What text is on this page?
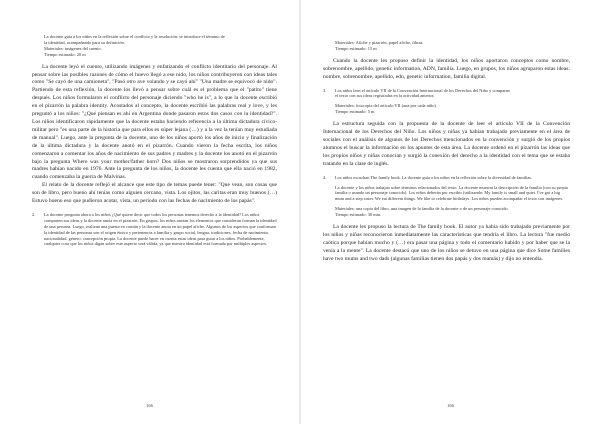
La docente guía a los niños en la reflexión sobre el conflicto y la resolución: se introduce el término de
la identidad, acompañando para su definición.
Materiales: imágenes del cuento.
Tiempo estimado: 20 m

La docente leyó el cuento, utilizando imágenes y enfatizando el conflicto identitario del personaje. Al pensar sobre las posibles razones de cómo el huevo llegó a ese nido, los niños contribuyeron con ideas tales como "Se cayó de una camioneta", "Pasó otro ave volando y se cayó ahí" "Una madre se equivocó de nido". Partiendo de esta reflexión, la docente los llevó a pensar sobre cuál es el problema que el "patito" tiene después. Los niños formularon el conflicto del personaje diciendo "who he is", a lo que la docente escribió en el pizarrón la palabra identity. Acostados al concepto, la docente escribió las palabras real y love, y les preguntó a los niños: "¿Qué piensan es ahí en Argentina donde pasaron estos dos casos con la identidad?". Los niños identificaron rápidamente que la docente estaba haciendo referencia a la última dictadura cívico-militar pero "es una parte de la historia que para ellos es súper lejana (…) y a la vez la tenían muy estudiada de manual". Luego, ante la pregunta de la docente, uno de los niños aportó los años de inicio y finalización de la última dictadura y la docente anotó en el pizarrón. Cuando vieron la fecha escrita, los niños comenzaron a comentar los años de nacimiento de sus padres y madres y la docente los anotó en el pizarrón bajo la pregunta Where was your mother/father born? Dos niños se mostraron sorprendidos ya que sus madres habían nacido en 1976. Ante la pregunta de los niños, la docente les cuenta que ella nació en 1982, cuando comenzaba la guerra de Malvinas.

El relato de la docente reflejó el alcance que este tipo de temas puede tener: "Que vean, son cosas que son de libro, pero bueno ahí tenías como alguien cercano, vista. Los ojitos, las caritas eran muy buenos (…) Estuvo bueno eso que pudieron acotar, vista, un período con las fechas de nacimiento de los papás".

2. La docente pregunta ahora a los niños ¿Qué quiere decir que todos los personas tenemos derecho a la identidad? Los niños comparten sus ideas y la docente anota en el pizarrón. En grupos, los niños anotan los elementos que consideran forman la identidad de una persona. Luego, realizan una puesta en común y la docente anota en un papel afiche. Algunos de los aspectos que conforman la identidad de las personas son el origen étnico y pertenencia a familia y grupo social, lengua, tradiciones, fecha de nacimiento, nacionalidad, género, concepción propia. La docente puede hacer en cuenta estas ideas para guiar a los niños. Probablemente, cualquier cosa que los niños digan sobre este aspecto será válida, ya que nuestra identidad está formada por múltiples aspectos.
166
Materiales: Afiche y pizarrón, papel afiche, fibras.
Tiempo estimado: 15 m

Cuando la docente les propuso definir la identidad, los niños aportaron conceptos como nombre, sobrenombre, apellido, genetic information, ADN, familia. Luego, en grupos, los niños agruparon estas ideas: nombre, sobrenombre, apellido, edn, genetic information, familia digital.

3. Los niños leen el artículo VII de la Convención Internacional de los Derechos del Niño y comparan
el texto con sus ideas registradas en la actividad anterior.
Materiales: fotocopia del artículo VII (una por cada niño).
Tiempo estimado: 5 m

La estructura seguida con la propuesta de la docente de leer el artículo VII de la Convención Internacional de los Derechos del Niño. Los niños y niñas ya habían trabajado previamente en el área de sociales con el análisis de algunos de los Derechos mencionados en la convención y surgió de los propios alumnos el buscar la información en los apuntes de esta área. La docente ordenó en el pizarrón las ideas que los propios niños y niñas conocían y surgió la conexión del derecho a la identidad con el tema que se estaba tratando en la clase de inglés.

4. Los niños escuchan The family book. La docente guía a los niños en la reflexión sobre la diversidad de familias.
La docente y los niños trabajan sobre términos relacionados del texto. La docente muestra la descripción de la familia (con su propia familia o usando un personaje conocido). Los niños deberán por escribir (utilizando: My family is small and quiet. I've got a big mum and a step sister. We eat different things. We like to celebrate birthdays. Los niños pueden acompañar el texto con imágenes.
Materiales: una copia del libro, una imagen de la familia de la docente o de un personaje conocido.
Tiempo estimado: 30 min.

La docente les propuso la lectura de The family book. El autor ya había sido trabajado previamente por los niños y niñas reconocieron inmediatamente las características que tendría el libro. La lectura "fue medio caótica porque habían mucho y (…) era pasar una página y todo el comentario habido y por haber que se la venía a la mente". La docente destacó que uno de los niños se detuvo en una página que dice Some families have two mums and two dads (algunas familias tienen dos papás y dos mamás) y dijo no entendía.

166
